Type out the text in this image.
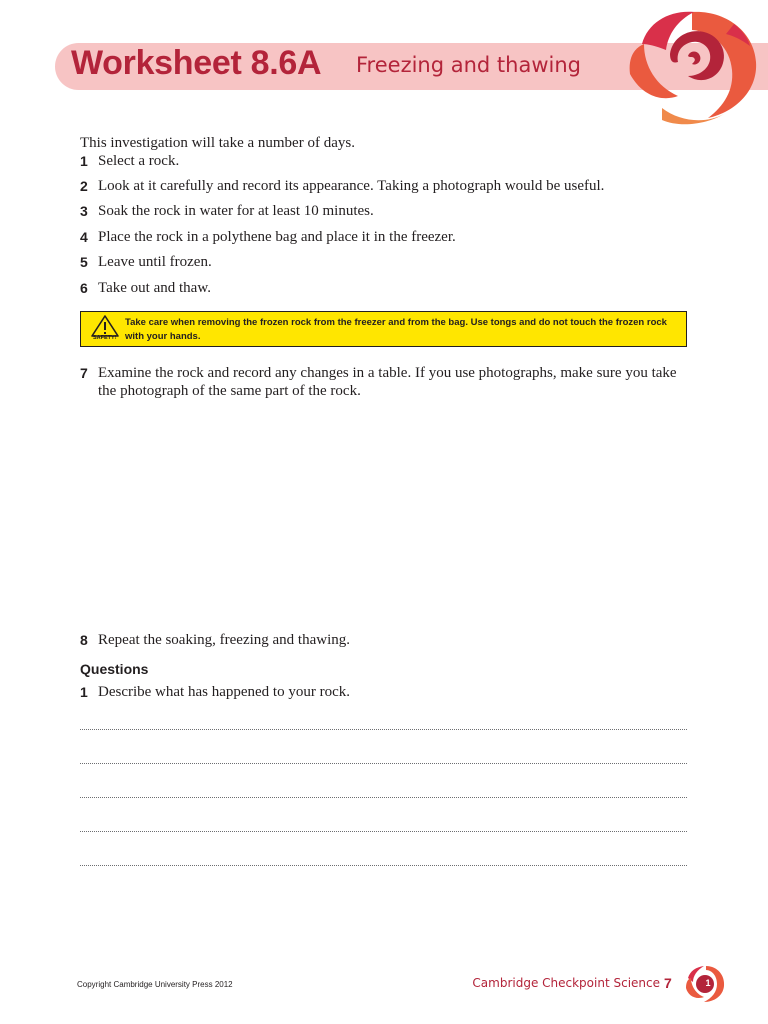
Worksheet 8.6A Freezing and thawing
This investigation will take a number of days.
1 Select a rock.
2 Look at it carefully and record its appearance. Taking a photograph would be useful.
3 Soak the rock in water for at least 10 minutes.
4 Place the rock in a polythene bag and place it in the freezer.
5 Leave until frozen.
6 Take out and thaw.
SAFETY!
Take care when removing the frozen rock from the freezer and from the bag. Use tongs and do not touch the frozen rock with your hands.
7 Examine the rock and record any changes in a table. If you use photographs, make sure you take the photograph of the same part of the rock.
8 Repeat the soaking, freezing and thawing.
Questions
1 Describe what has happened to your rock.
Copyright Cambridge University Press 2012	Cambridge Checkpoint Science 7	1
